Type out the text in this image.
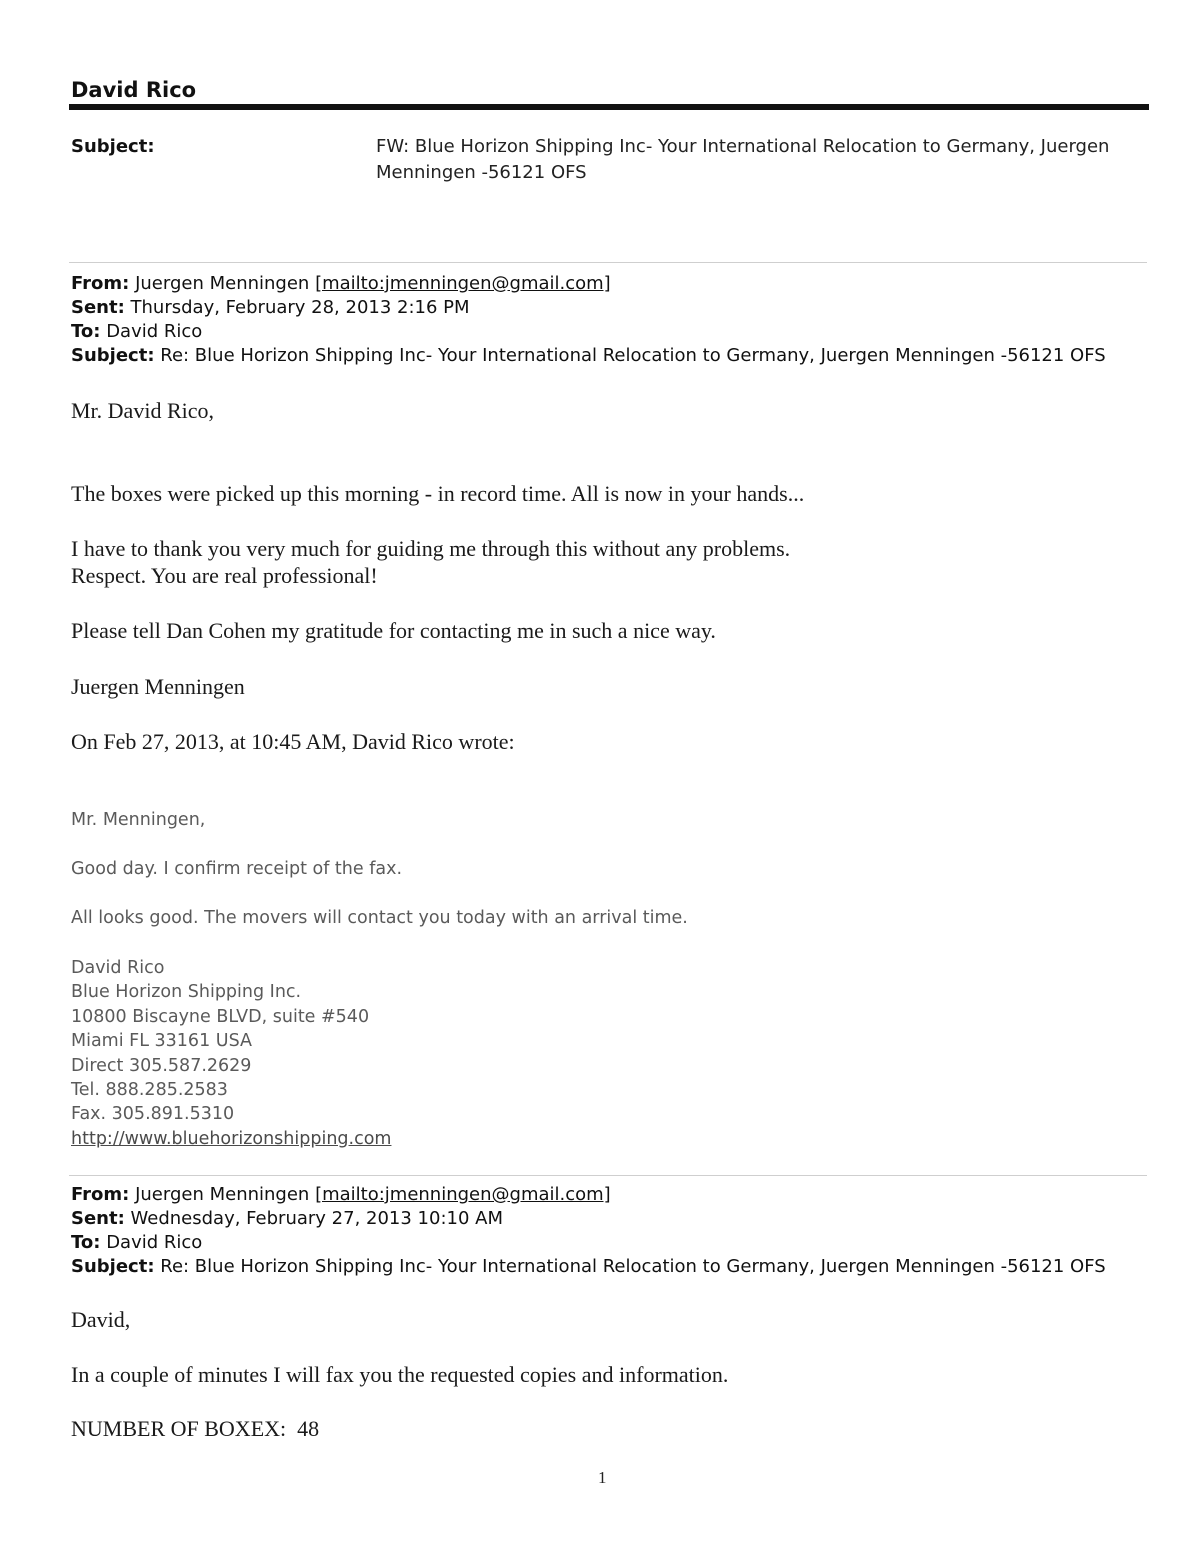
David Rico
Subject:	FW: Blue Horizon Shipping Inc- Your International Relocation to Germany, Juergen Menningen -56121 OFS
From: Juergen Menningen [mailto:jmenningen@gmail.com]
Sent: Thursday, February 28, 2013 2:16 PM
To: David Rico
Subject: Re: Blue Horizon Shipping Inc- Your International Relocation to Germany, Juergen Menningen -56121 OFS
Mr. David Rico,
The boxes were picked up this morning - in record time. All is now in your hands...
I have to thank you very much for guiding me through this without any problems.
Respect. You are real professional!
Please tell Dan Cohen my gratitude for contacting me in such a nice way.
Juergen Menningen
On Feb 27, 2013, at 10:45 AM, David Rico wrote:
Mr. Menningen,
Good day. I confirm receipt of the fax.
All looks good. The movers will contact you today with an arrival time.
David Rico
Blue Horizon Shipping Inc.
10800 Biscayne BLVD, suite #540
Miami FL 33161 USA
Direct 305.587.2629
Tel. 888.285.2583
Fax. 305.891.5310
http://www.bluehorizonshipping.com
From: Juergen Menningen [mailto:jmenningen@gmail.com]
Sent: Wednesday, February 27, 2013 10:10 AM
To: David Rico
Subject: Re: Blue Horizon Shipping Inc- Your International Relocation to Germany, Juergen Menningen -56121 OFS
David,
In a couple of minutes I will fax you the requested copies and information.
NUMBER OF BOXEX: 48
1
